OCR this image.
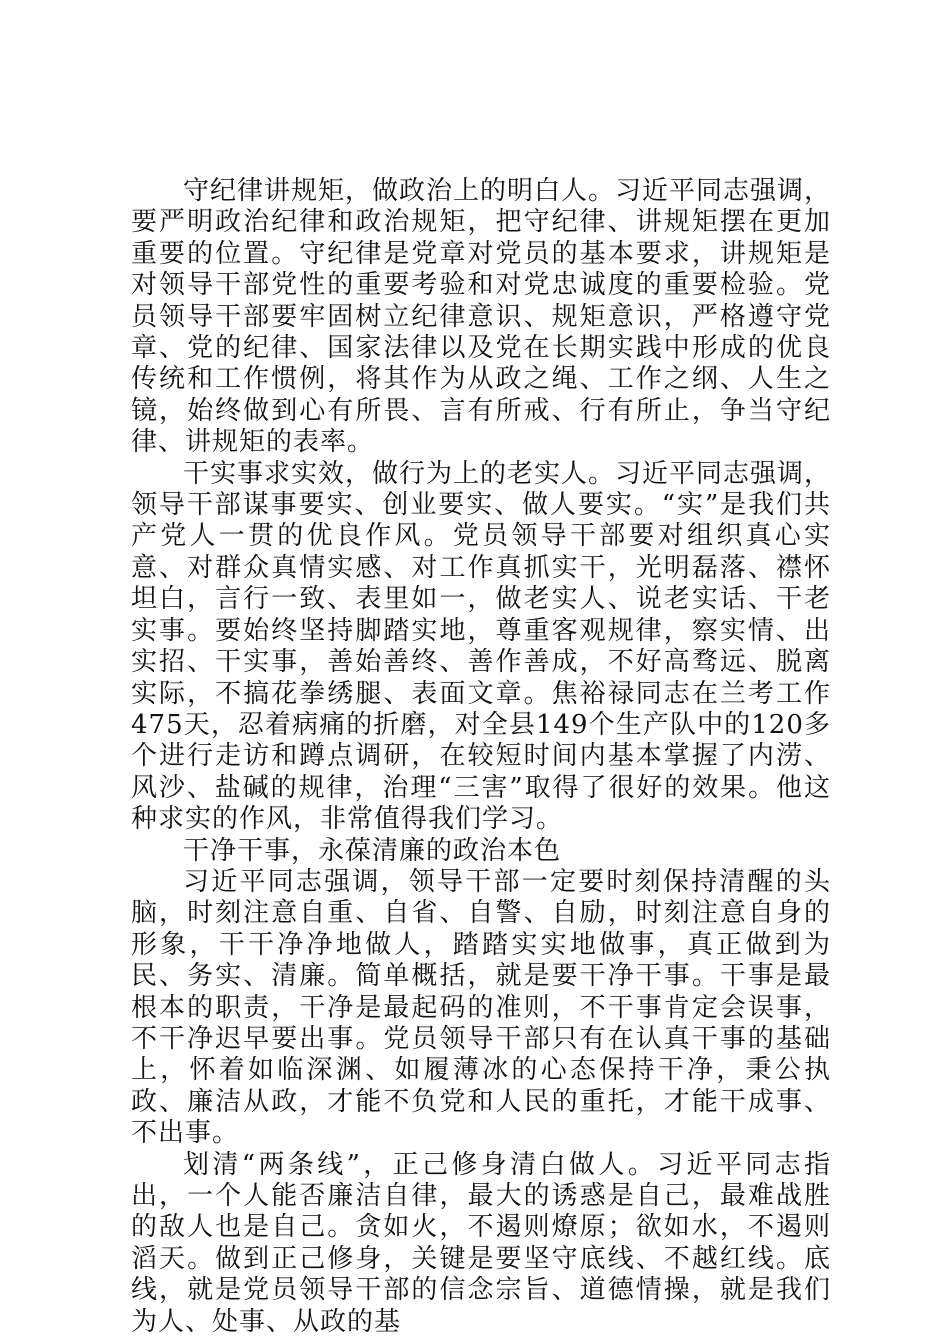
守纪律讲规矩，做政治上的明白人。习近平同志强调，要严明政治纪律和政治规矩，把守纪律、讲规矩摆在更加重要的位置。守纪律是党章对党员的基本要求，讲规矩是对领导干部党性的重要考验和对党忠诚度的重要检验。党员领导干部要牢固树立纪律意识、规矩意识，严格遵守党章、党的纪律、国家法律以及党在长期实践中形成的优良传统和工作惯例，将其作为从政之绳、工作之纲、人生之镜，始终做到心有所畏、言有所戒、行有所止，争当守纪律、讲规矩的表率。

干实事求实效，做行为上的老实人。习近平同志强调，领导干部谋事要实、创业要实、做人要实。“实”是我们共产党人一贯的优良作风。党员领导干部要对组织真心实意、对群众真情实感、对工作真抓实干，光明磊落、襟怀坦白，言行一致、表里如一，做老实人、说老实话、干老实事。要始终坚持脚踏实地，尊重客观规律，察实情、出实招、干实事，善始善终、善作善成，不好高骛远、脱离实际，不搞花拳绣腿、表面文章。焦裕禄同志在兰考工作475天，忍着病痛的折磨，对全县149个生产队中的120多个进行走访和蹲点调研，在较短时间内基本掌握了内涝、风沙、盐碱的规律，治理“三害”取得了很好的效果。他这种求实的作风，非常值得我们学习。

干净干事，永葆清廉的政治本色

习近平同志强调，领导干部一定要时刻保持清醒的头脑，时刻注意自重、自省、自警、自励，时刻注意自身的形象，干干净净地做人，踏踏实实地做事，真正做到为民、务实、清廉。简单概括，就是要干净干事。干事是最根本的职责，干净是最起码的准则，不干事肯定会误事，不干净迟早要出事。党员领导干部只有在认真干事的基础上，怀着如临深渊、如履薄冰的心态保持干净，秉公执政、廉洁从政，才能不负党和人民的重托，才能干成事、不出事。

划清“两条线”，正己修身清白做人。习近平同志指出，一个人能否廉洁自律，最大的诱惑是自己，最难战胜的敌人也是自己。贪如火，不遏则燎原；欲如水，不遏则滔天。做到正己修身，关键是要坚守底线、不越红线。底线，就是党员领导干部的信念宗旨、道德情操，就是我们为人、处事、从政的基
